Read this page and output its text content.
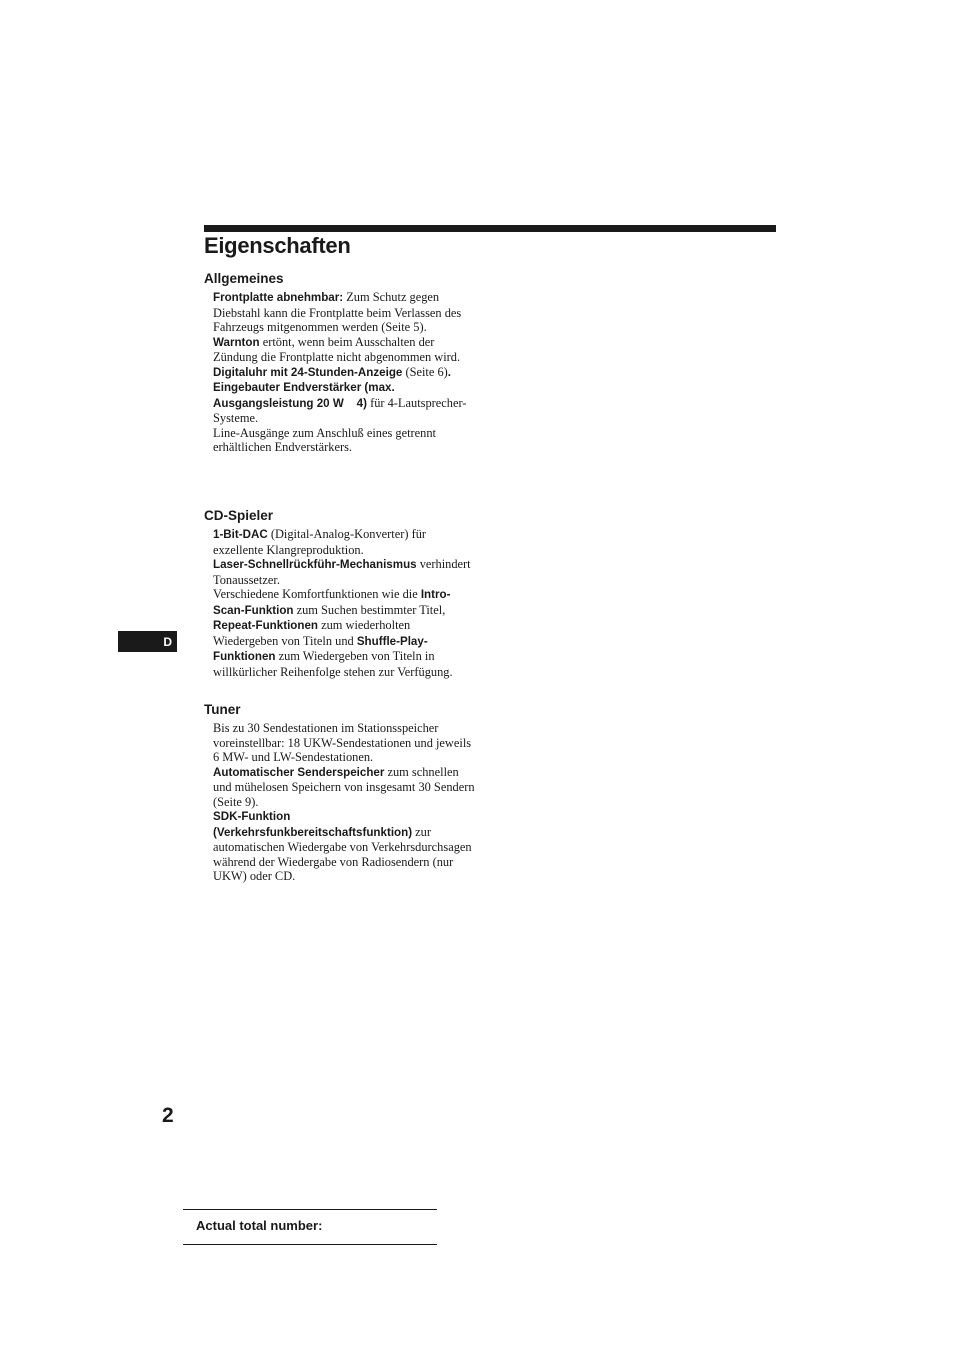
Eigenschaften
Allgemeines

Frontplatte abnehmbar: Zum Schutz gegen Diebstahl kann die Frontplatte beim Verlassen des Fahrzeugs mitgenommen werden (Seite 5).

Warnton ertönt, wenn beim Ausschalten der Zündung die Frontplatte nicht abgenommen wird.

Digitaluhr mit 24-Stunden-Anzeige (Seite 6).

Eingebauter Endverstärker (max. Ausgangsleistung 20 W    4) für 4-Lautsprecher-Systeme.

Line-Ausgänge zum Anschluß eines getrennt erhältlichen Endverstärkers.

CD-Spieler

1-Bit-DAC (Digital-Analog-Konverter) für exzellente Klangreproduktion.

Laser-Schnellrückführ-Mechanismus verhindert Tonaussetzer.

Verschiedene Komfortfunktionen wie die Intro-Scan-Funktion zum Suchen bestimmter Titel, Repeat-Funktionen zum wiederholten Wiedergeben von Titeln und Shuffle-Play-Funktionen zum Wiedergeben von Titeln in willkürlicher Reihenfolge stehen zur Verfügung.

Tuner

Bis zu 30 Sendestationen im Stationsspeicher voreinstellbar: 18 UKW-Sendestationen und jeweils 6 MW- und LW-Sendestationen.

Automatischer Senderspeicher zum schnellen und mühelosen Speichern von insgesamt 30 Sendern (Seite 9).

SDK-Funktion (Verkehrsfunkbereitschaftsfunktion) zur automatischen Wiedergabe von Verkehrsdurchsagen während der Wiedergabe von Radiosendern (nur UKW) oder CD.

D
2
Actual total number:
